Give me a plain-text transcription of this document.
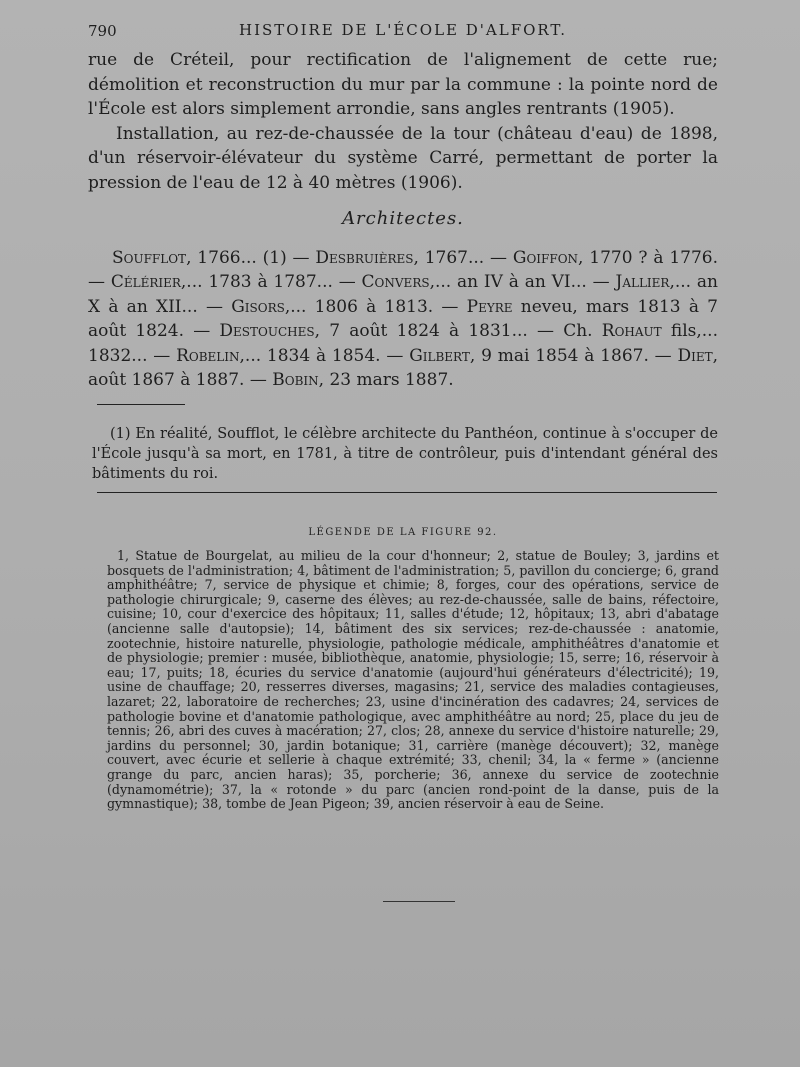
790	HISTOIRE DE L'ÉCOLE D'ALFORT.

rue de Créteil, pour rectification de l'alignement de cette rue; démolition et reconstruction du mur par la commune : la pointe nord de l'École est alors simplement arrondie, sans angles rentrants (1905).

Installation, au rez-de-chaussée de la tour (château d'eau) de 1898, d'un réservoir-élévateur du système Carré, permettant de porter la pression de l'eau de 12 à 40 mètres (1906).

Architectes.

Soufflot, 1766... (1) — Desbruières, 1767... — Goiffon, 1770 ? à 1776. — Célérier,... 1783 à 1787... — Convers,... an IV à an VI... — Jallier,... an X à an XII... — Gisors,... 1806 à 1813. — Peyre neveu, mars 1813 à 7 août 1824. — Destouches, 7 août 1824 à 1831... — Ch. Rohaut fils,... 1832... — Robelin,... 1834 à 1854. — Gilbert, 9 mai 1854 à 1867. — Diet, août 1867 à 1887. — Bobin, 23 mars 1887.

(1) En réalité, Soufflot, le célèbre architecte du Panthéon, continue à s'occuper de l'École jusqu'à sa mort, en 1781, à titre de contrôleur, puis d'intendant général des bâtiments du roi.
LÉGENDE DE LA FIGURE 92.
1, Statue de Bourgelat, au milieu de la cour d'honneur; 2, statue de Bouley; 3, jardins et bosquets de l'administration; 4, bâtiment de l'administration; 5, pavillon du concierge; 6, grand amphithéâtre; 7, service de physique et chimie; 8, forges, cour des opérations, service de pathologie chirurgicale; 9, caserne des élèves; au rez-de-chaussée, salle de bains, réfectoire, cuisine; 10, cour d'exercice des hôpitaux; 11, salles d'étude; 12, hôpitaux; 13, abri d'abatage (ancienne salle d'autopsie); 14, bâtiment des six services; rez-de-chaussée : anatomie, zootechnie, histoire naturelle, physiologie, pathologie médicale, amphithéâtres d'anatomie et de physiologie; premier : musée, bibliothèque, anatomie, physiologie; 15, serre; 16, réservoir à eau; 17, puits; 18, écuries du service d'anatomie (aujourd'hui générateurs d'électricité); 19, usine de chauffage; 20, resserres diverses, magasins; 21, service des maladies contagieuses, lazaret; 22, laboratoire de recherches; 23, usine d'incinération des cadavres; 24, services de pathologie bovine et d'anatomie pathologique, avec amphithéâtre au nord; 25, place du jeu de tennis; 26, abri des cuves à macération; 27, clos; 28, annexe du service d'histoire naturelle; 29, jardins du personnel; 30, jardin botanique; 31, carrière (manège découvert); 32, manège couvert, avec écurie et sellerie à chaque extrémité; 33, chenil; 34, la « ferme » (ancienne grange du parc, ancien haras); 35, porcherie; 36, annexe du service de zootechnie (dynamométrie); 37, la « rotonde » du parc (ancien rond-point de la danse, puis de la gymnastique); 38, tombe de Jean Pigeon; 39, ancien réservoir à eau de Seine.
